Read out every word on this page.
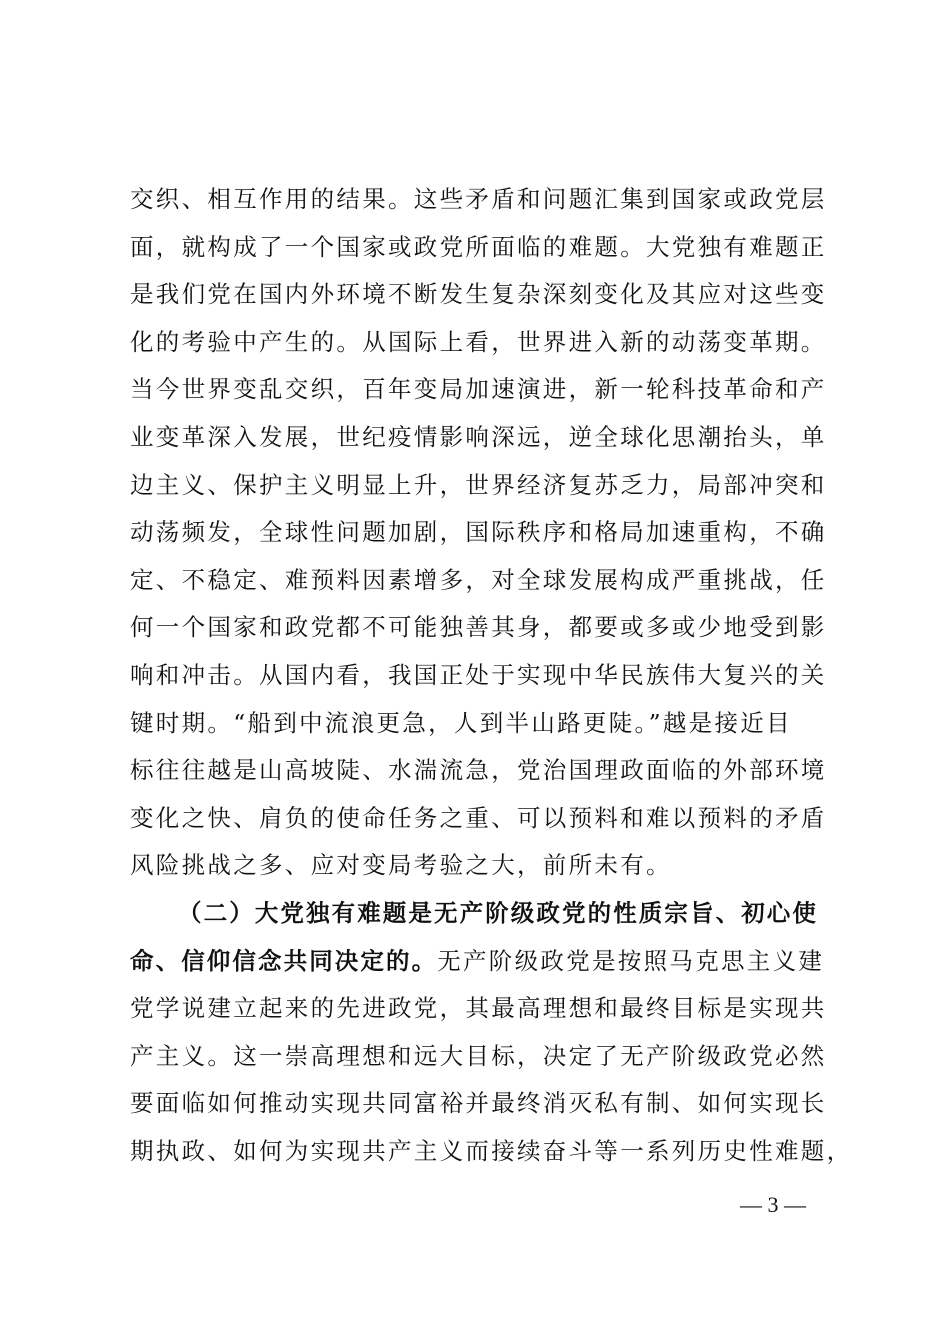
交织、相互作用的结果。这些矛盾和问题汇集到国家或政党层
面，就构成了一个国家或政党所面临的难题。大党独有难题正
是我们党在国内外环境不断发生复杂深刻变化及其应对这些变
化的考验中产生的。从国际上看，世界进入新的动荡变革期。
当今世界变乱交织，百年变局加速演进，新一轮科技革命和产
业变革深入发展，世纪疫情影响深远，逆全球化思潮抬头，单
边主义、保护主义明显上升，世界经济复苏乏力，局部冲突和
动荡频发，全球性问题加剧，国际秩序和格局加速重构，不确
定、不稳定、难预料因素增多，对全球发展构成严重挑战，任
何一个国家和政党都不可能独善其身，都要或多或少地受到影
响和冲击。从国内看，我国正处于实现中华民族伟大复兴的关
键时期。“船到中流浪更急，人到半山路更陡。”越是接近目
标往往越是山高坡陡、水湍流急，党治国理政面临的外部环境
变化之快、肩负的使命任务之重、可以预料和难以预料的矛盾
风险挑战之多、应对变局考验之大，前所未有。
（二）大党独有难题是无产阶级政党的性质宗旨、初心使
命、信仰信念共同决定的。无产阶级政党是按照马克思主义建
党学说建立起来的先进政党，其最高理想和最终目标是实现共
产主义。这一崇高理想和远大目标，决定了无产阶级政党必然
要面临如何推动实现共同富裕并最终消灭私有制、如何实现长
期执政、如何为实现共产主义而接续奋斗等一系列历史性难题，
— 3 —
